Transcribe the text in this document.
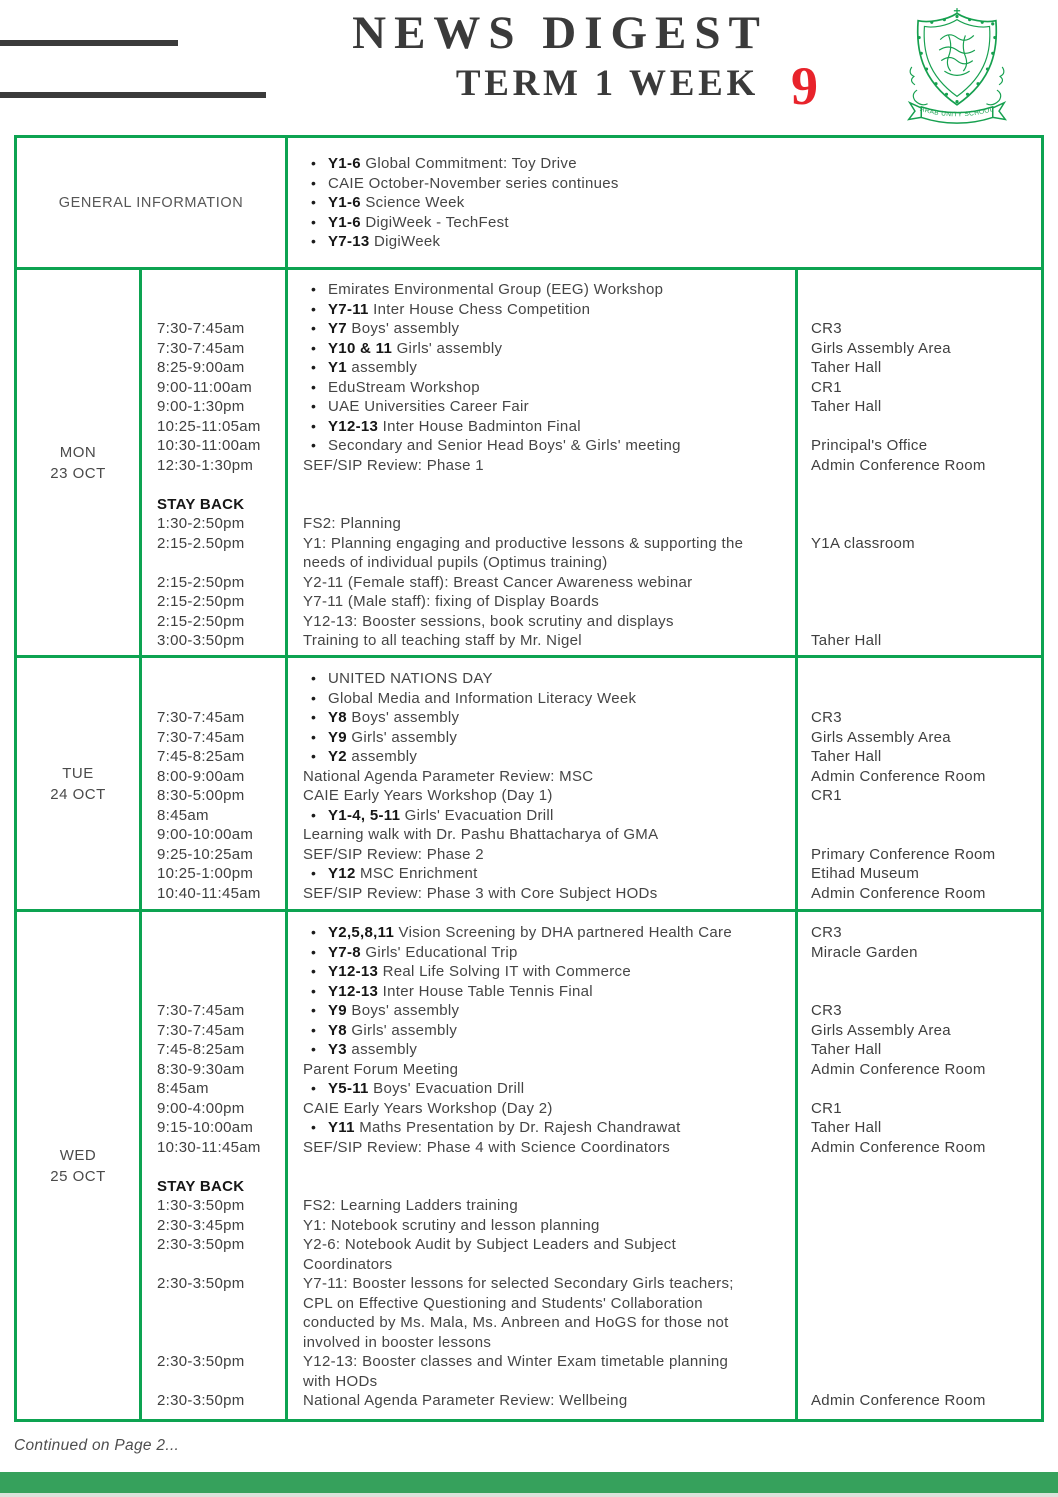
NEWS DIGEST
TERM 1 WEEK 9	ARAB UNITY SCHOOL
GENERAL INFORMATION
• Y1-6 Global Commitment: Toy Drive
• CAIE October-November series continues
• Y1-6 Science Week
• Y1-6 DigiWeek - TechFest
• Y7-13 DigiWeek
MON
23 OCT

7:30-7:45am
7:30-7:45am
8:25-9:00am
9:00-11:00am
9:00-1:30pm
10:25-11:05am
10:30-11:00am
12:30-1:30pm

STAY BACK
1:30-2:50pm
2:15-2.50pm

2:15-2:50pm
2:15-2:50pm
2:15-2:50pm
3:00-3:50pm
• Emirates Environmental Group (EEG) Workshop
• Y7-11 Inter House Chess Competition
• Y7 Boys' assembly
• Y10 & 11 Girls' assembly
• Y1 assembly
• EduStream Workshop
• UAE Universities Career Fair
• Y12-13 Inter House Badminton Final
• Secondary and Senior Head Boys' & Girls' meeting
SEF/SIP Review: Phase 1

FS2: Planning
Y1: Planning engaging and productive lessons & supporting the
needs of individual pupils (Optimus training)
Y2-11 (Female staff): Breast Cancer Awareness webinar
Y7-11 (Male staff): fixing of Display Boards
Y12-13: Booster sessions, book scrutiny and displays
Training to all teaching staff by Mr. Nigel

CR3
Girls Assembly Area
Taher Hall
CR1
Taher Hall

Principal's Office
Admin Conference Room

Y1A classroom

Taher Hall
TUE
24 OCT

7:30-7:45am
7:30-7:45am
7:45-8:25am
8:00-9:00am
8:30-5:00pm
8:45am
9:00-10:00am
9:25-10:25am
10:25-1:00pm
10:40-11:45am
• UNITED NATIONS DAY
• Global Media and Information Literacy Week
• Y8 Boys' assembly
• Y9 Girls' assembly
• Y2 assembly
National Agenda Parameter Review: MSC
CAIE Early Years Workshop (Day 1)
• Y1-4, 5-11 Girls' Evacuation Drill
Learning walk with Dr. Pashu Bhattacharya of GMA
SEF/SIP Review: Phase 2
• Y12 MSC Enrichment
SEF/SIP Review: Phase 3 with Core Subject HODs

CR3
Girls Assembly Area
Taher Hall
Admin Conference Room
CR1

Primary Conference Room
Etihad Museum
Admin Conference Room
WED
25 OCT

7:30-7:45am
7:30-7:45am
7:45-8:25am
8:30-9:30am
8:45am
9:00-4:00pm
9:15-10:00am
10:30-11:45am

STAY BACK
1:30-3:50pm
2:30-3:45pm
2:30-3:50pm

2:30-3:50pm

2:30-3:50pm

2:30-3:50pm
• Y2,5,8,11 Vision Screening by DHA partnered Health Care
• Y7-8 Girls' Educational Trip
• Y12-13 Real Life Solving IT with Commerce
• Y12-13 Inter House Table Tennis Final
• Y9 Boys' assembly
• Y8 Girls' assembly
• Y3 assembly
Parent Forum Meeting
• Y5-11 Boys' Evacuation Drill
CAIE Early Years Workshop (Day 2)
• Y11 Maths Presentation by Dr. Rajesh Chandrawat
SEF/SIP Review: Phase 4 with Science Coordinators

FS2: Learning Ladders training
Y1: Notebook scrutiny and lesson planning
Y2-6: Notebook Audit by Subject Leaders and Subject
Coordinators
Y7-11: Booster lessons for selected Secondary Girls teachers;
CPL on Effective Questioning and Students' Collaboration
conducted by Ms. Mala, Ms. Anbreen and HoGS for those not
involved in booster lessons
Y12-13: Booster classes and Winter Exam timetable planning
with HODs
National Agenda Parameter Review: Wellbeing
CR3
Miracle Garden

CR3
Girls Assembly Area
Taher Hall
Admin Conference Room

CR1
Taher Hall
Admin Conference Room

Admin Conference Room
Continued on Page 2...
